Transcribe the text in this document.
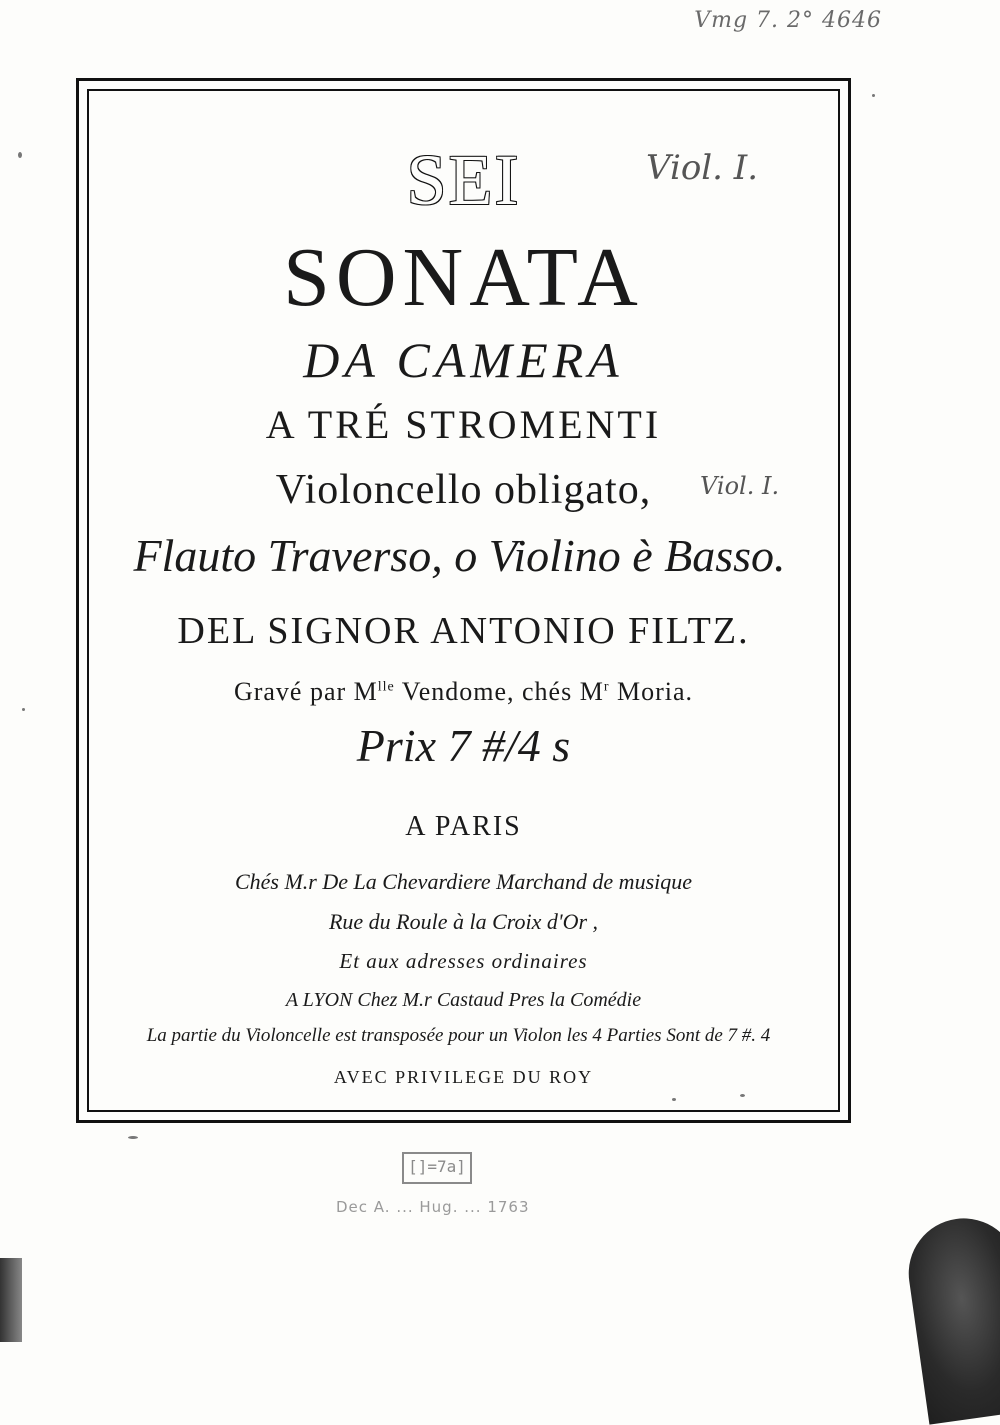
Vmg 7. 2° 4646
SEI
SONATA
DA CAMERA
A TRÉ STROMENTI
Violoncello obligato,
Flauto Traverso, o Violino è Basso.
DEL SIGNOR ANTONIO FILTZ.
Gravé par $M^{lle}$ Vendome, chés $M^r$ Moria.
Prix 7 #/4 s
A PARIS
Chés M.r De La Chevardiere Marchand de musique
Rue du Roule à la Croix d'Or ,
Et aux adresses ordinaires
A LYON Chez M.r Castaud Pres la Comédie
La partie du Violoncelle est transposée pour un Violon les 4 Parties Sont de 7 #. 4
AVEC PRIVILEGE DU ROY
Viol. I.
Viol. I.
[]=7a]
Dec A. ... Hug. ... 1763
